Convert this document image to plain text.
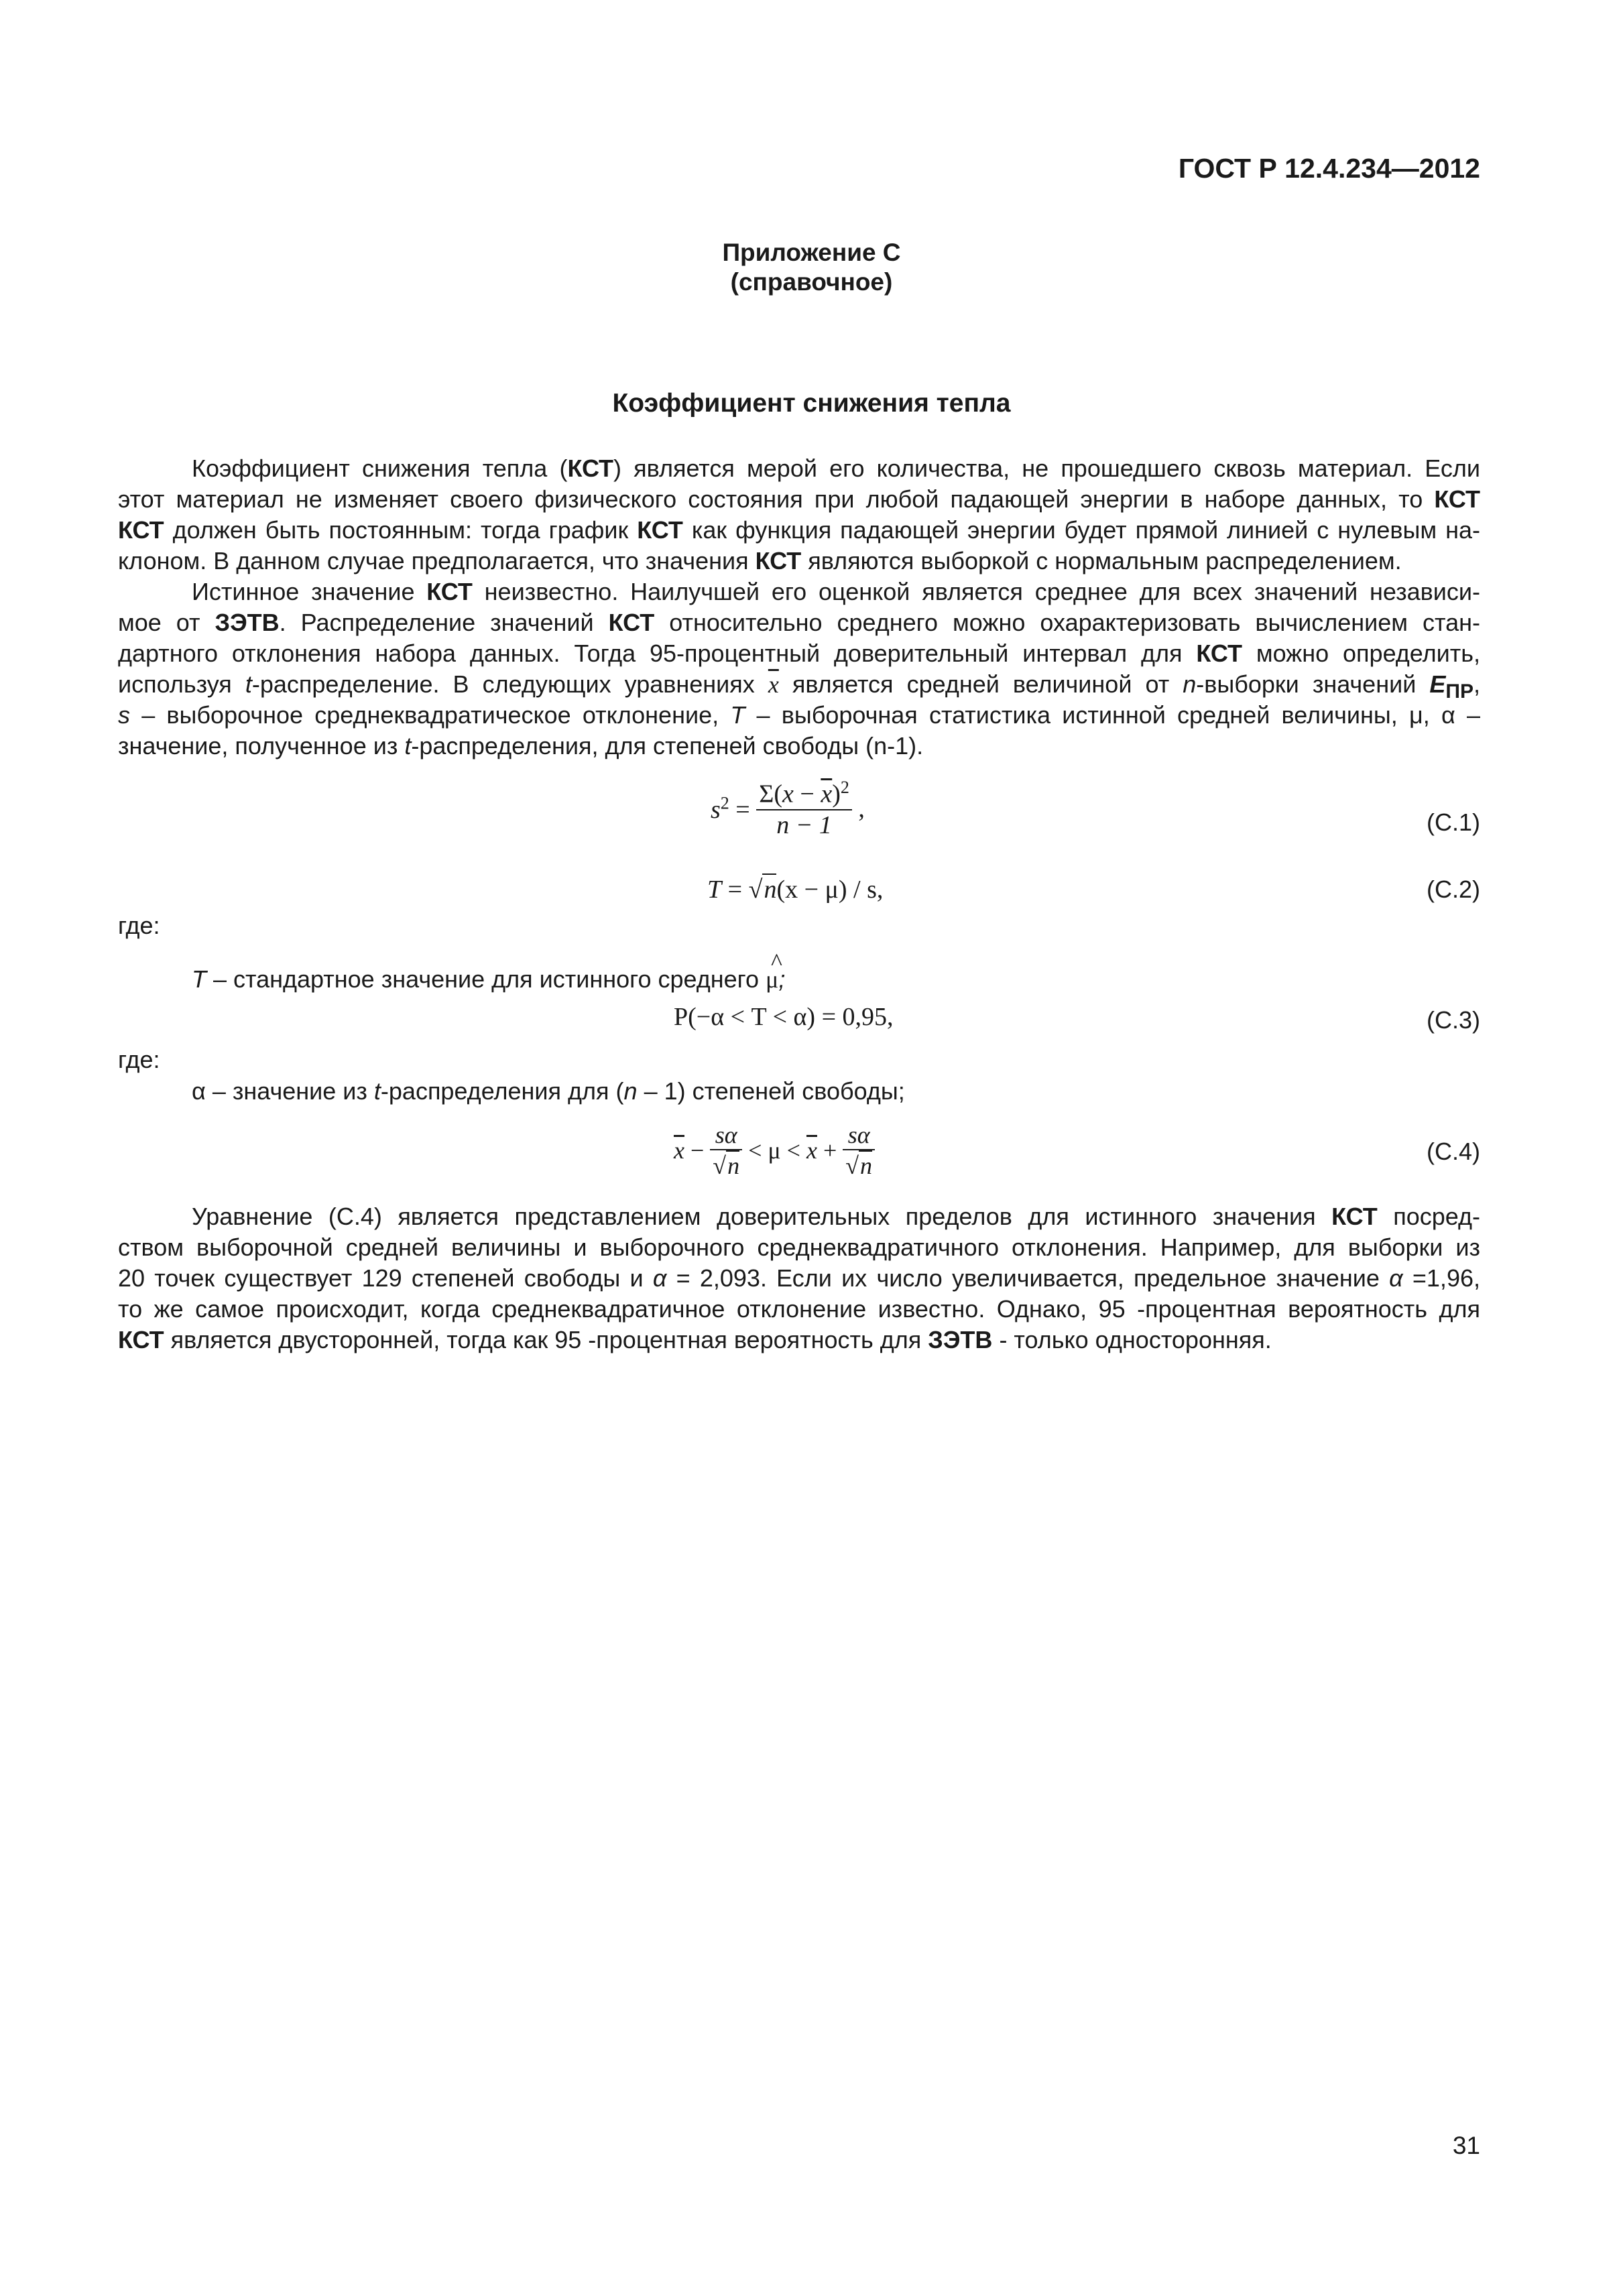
ГОСТ Р 12.4.234—2012
Приложение С
(справочное)
Коэффициент снижения тепла
Коэффициент снижения тепла (КСТ) является мерой его количества, не прошедшего сквозь материал. Если
этот материал не изменяет своего физического состояния при любой падающей энергии в наборе данных, то КСТ
КСТ должен быть постоянным: тогда график КСТ как функция падающей энергии будет прямой линией с нулевым на-
клоном. В данном случае предполагается, что значения КСТ являются выборкой с нормальным распределением.
Истинное значение КСТ неизвестно. Наилучшей его оценкой является среднее для всех значений независи-
мое от ЗЭТВ. Распределение значений КСТ относительно среднего можно охарактеризовать вычислением стан-
дартного отклонения набора данных. Тогда 95-процентный доверительный интервал для КСТ можно определить,
используя t-распределение. В следующих уравнениях $\overline{x}$ является средней величиной от n-выборки значений $E_{ПР}$,
s – выборочное среднеквадратическое отклонение, T – выборочная статистика истинной средней величины, μ, α –
значение, полученное из t-распределения, для степеней свободы (n-1).
$s^2 = \frac{\Sigma(x - \overline{x})^2}{n - 1}$ ,	(С.1)
T = √n(x − μ) / s,	(С.2)
где:
T – стандартное значение для истинного среднего
^
μ;
P(−α < T < α) = 0,95,	(С.3)
где:
α – значение из t-распределения для (n – 1) степеней свободы;
$\overline{x} - \frac{s\alpha}{√n} < \mu < \overline{x} + \frac{s\alpha}{√n}$	(С.4)
Уравнение (С.4) является представлением доверительных пределов для истинного значения КСТ посред-
ством выборочной средней величины и выборочного среднеквадратичного отклонения. Например, для выборки из
20 точек существует 129 степеней свободы и α = 2,093. Если их число увеличивается, предельное значение α =1,96,
то же самое происходит, когда среднеквадратичное отклонение известно. Однако, 95 -процентная вероятность для
КСТ является двусторонней, тогда как 95 -процентная вероятность для ЗЭТВ - только односторонняя.
31
